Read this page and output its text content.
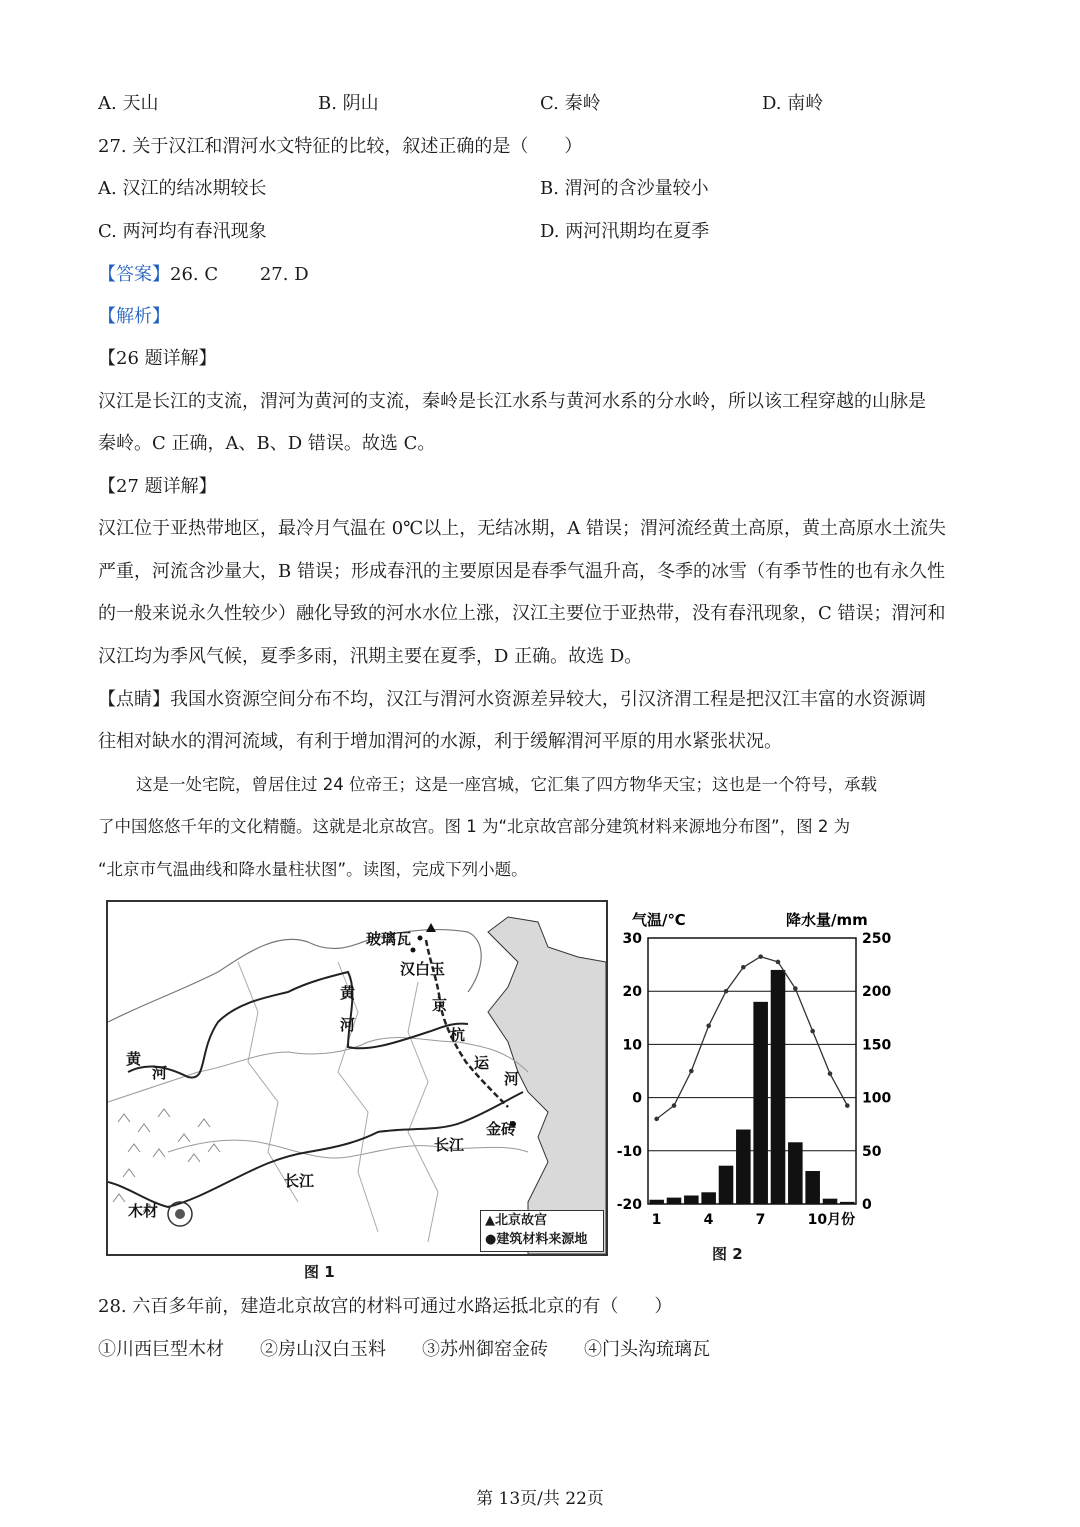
A. 天山	B. 阴山	C. 秦岭	D. 南岭
27. 关于汉江和渭河水文特征的比较，叙述正确的是（　　）
A. 汉江的结冰期较长	B. 渭河的含沙量较小
C. 两河均有春汛现象	D. 两河汛期均在夏季
【答案】26. C　　 27. D
【解析】
【26 题详解】
汉江是长江的支流，渭河为黄河的支流，秦岭是长江水系与黄河水系的分水岭，所以该工程穿越的山脉是
秦岭。C 正确，A、B、D 错误。故选 C。
【27 题详解】
汉江位于亚热带地区，最冷月气温在 0℃以上，无结冰期，A 错误；渭河流经黄土高原，黄土高原水土流失
严重，河流含沙量大，B 错误；形成春汛的主要原因是春季气温升高，冬季的冰雪（有季节性的也有永久性
的一般来说永久性较少）融化导致的河水水位上涨，汉江主要位于亚热带，没有春汛现象，C 错误；渭河和
汉江均为季风气候，夏季多雨，汛期主要在夏季，D 正确。故选 D。
【点睛】我国水资源空间分布不均，汉江与渭河水资源差异较大，引汉济渭工程是把汉江丰富的水资源调
往相对缺水的渭河流域，有利于增加渭河的水源，利于缓解渭河平原的用水紧张状况。
这是一处宅院，曾居住过 24 位帝王；这是一座宫城，它汇集了四方物华天宝；这也是一个符号，承载
了中国悠悠千年的文化精髓。这就是北京故宫。图 1 为“北京故宫部分建筑材料来源地分布图”，图 2 为
“北京市气温曲线和降水量柱状图”。读图，完成下列小题。
玻璃瓦
汉白玉
黄
河
京
杭
运
河
黄
河
金砖
长江
长江
木材
▲北京故宫
●建筑材料来源地
图 1
气温/℃	降水量/mm
30
20
10
0
-10
-20
250
200
150
100
50
0
1	4	7	10月份
图 2
28. 六百多年前，建造北京故宫的材料可通过水路运抵北京的有（　　）
①川西巨型木材　　②房山汉白玉料　　③苏州御窑金砖　　④门头沟琉璃瓦
第 13页/共 22页
